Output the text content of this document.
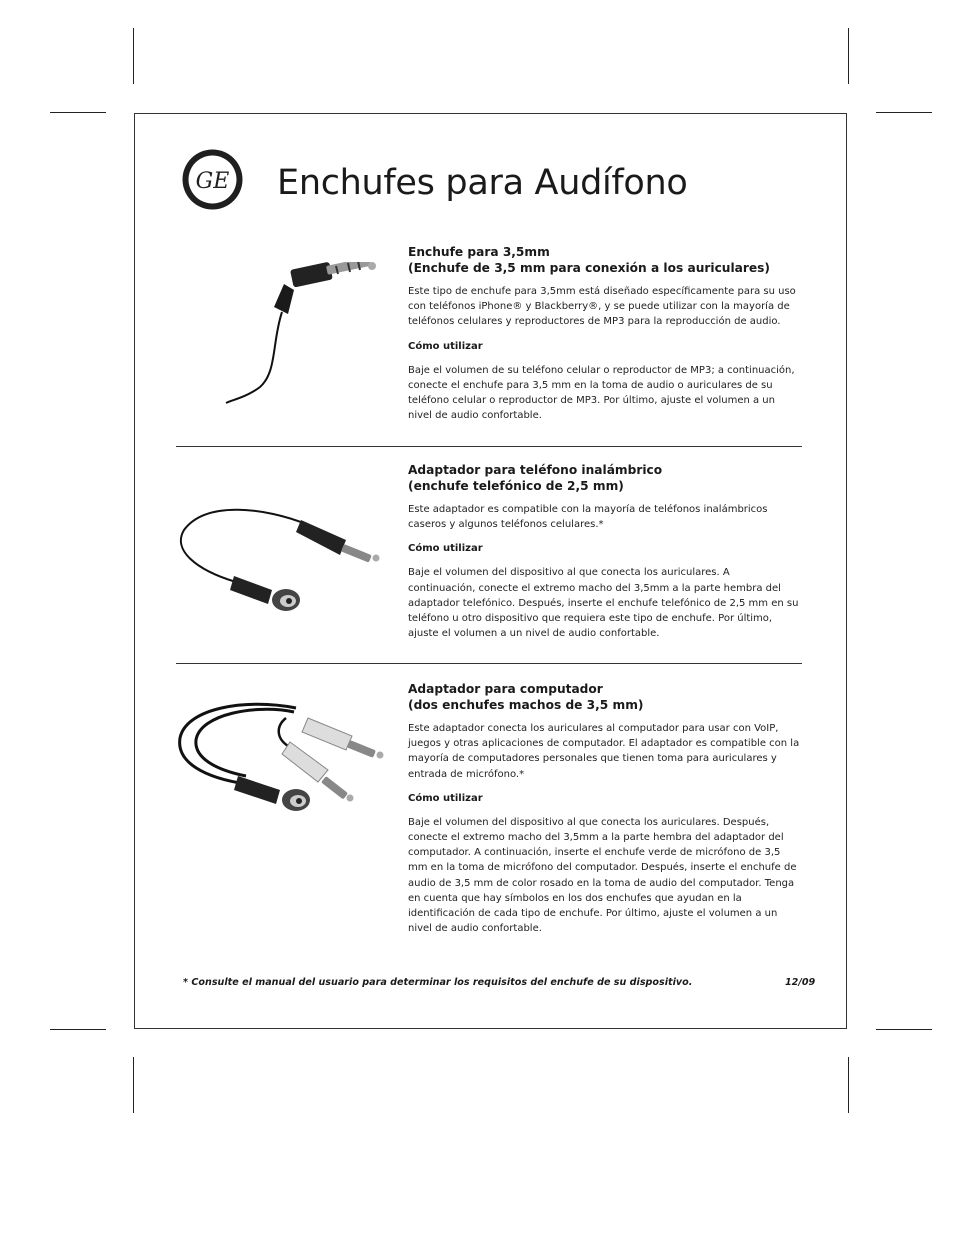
GE Enchufes para Audífono
Enchufe para 3,5mm
(Enchufe de 3,5 mm para conexión a los auriculares)

Este tipo de enchufe para 3,5mm está diseñado específicamente para su uso con teléfonos iPhone® y Blackberry®, y se puede utilizar con la mayoría de teléfonos celulares y reproductores de MP3 para la reproducción de audio.

Cómo utilizar

Baje el volumen de su teléfono celular o reproductor de MP3; a continuación, conecte el enchufe para 3,5 mm en la toma de audio o auriculares de su teléfono celular o reproductor de MP3. Por último, ajuste el volumen a un nivel de audio confortable.

Adaptador para teléfono inalámbrico
(enchufe telefónico de 2,5 mm)

Este adaptador es compatible con la mayoría de teléfonos inalámbricos caseros y algunos teléfonos celulares.*

Cómo utilizar

Baje el volumen del dispositivo al que conecta los auriculares. A continuación, conecte el extremo macho del 3,5mm a la parte hembra del adaptador telefónico. Después, inserte el enchufe telefónico de 2,5 mm en su teléfono u otro dispositivo que requiera este tipo de enchufe. Por último, ajuste el volumen a un nivel de audio confortable.

Adaptador para computador
(dos enchufes machos de 3,5 mm)

Este adaptador conecta los auriculares al computador para usar con VoIP, juegos y otras aplicaciones de computador. El adaptador es compatible con la mayoría de computadores personales que tienen toma para auriculares y entrada de micrófono.*

Cómo utilizar

Baje el volumen del dispositivo al que conecta los auriculares. Después, conecte el extremo macho del 3,5mm a la parte hembra del adaptador del computador. A continuación, inserte el enchufe verde de micrófono de 3,5 mm en la toma de micrófono del computador. Después, inserte el enchufe de audio de 3,5 mm de color rosado en la toma de audio del computador. Tenga en cuenta que hay símbolos en los dos enchufes que ayudan en la identificación de cada tipo de enchufe. Por último, ajuste el volumen a un nivel de audio confortable.

* Consulte el manual del usuario para determinar los requisitos del enchufe de su dispositivo.	12/09
